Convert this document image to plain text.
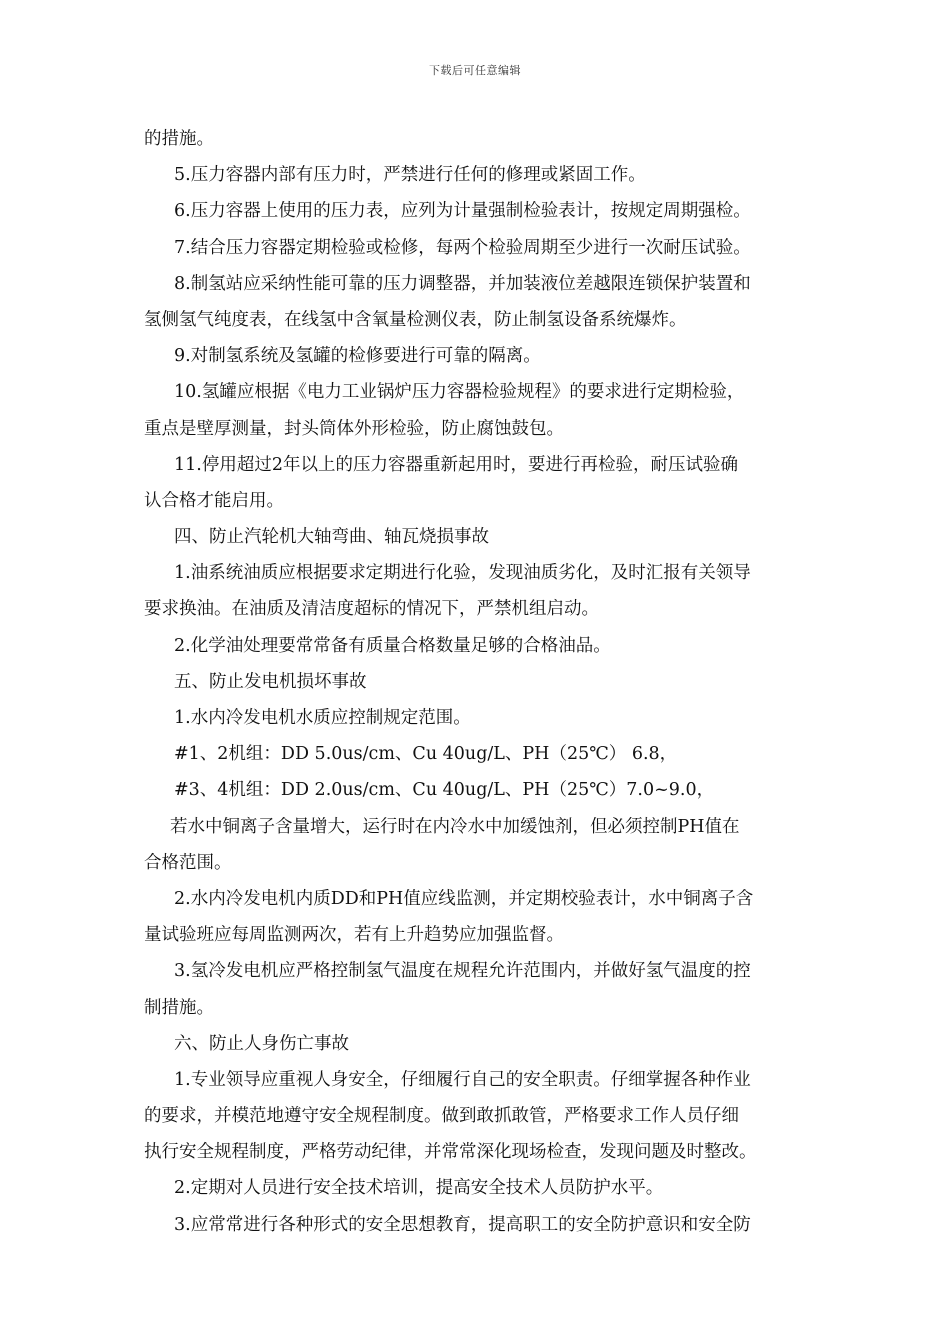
下载后可任意编辑
的措施。
5.压力容器内部有压力时，严禁进行任何的修理或紧固工作。
6.压力容器上使用的压力表，应列为计量强制检验表计，按规定周期强检。
7.结合压力容器定期检验或检修，每两个检验周期至少进行一次耐压试验。
8.制氢站应采纳性能可靠的压力调整器，并加装液位差越限连锁保护装置和
氢侧氢气纯度表，在线氢中含氧量检测仪表，防止制氢设备系统爆炸。
9.对制氢系统及氢罐的检修要进行可靠的隔离。
10.氢罐应根据《电力工业锅炉压力容器检验规程》的要求进行定期检验，
重点是壁厚测量，封头筒体外形检验，防止腐蚀鼓包。
11.停用超过2年以上的压力容器重新起用时，要进行再检验，耐压试验确
认合格才能启用。
四、防止汽轮机大轴弯曲、轴瓦烧损事故
1.油系统油质应根据要求定期进行化验，发现油质劣化，及时汇报有关领导
要求换油。在油质及清洁度超标的情况下，严禁机组启动。
2.化学油处理要常常备有质量合格数量足够的合格油品。
五、防止发电机损坏事故
1.水内冷发电机水质应控制规定范围。
#1、2机组：DD 5.0us/cm、Cu 40ug/L、PH（25℃） 6.8，
#3、4机组：DD 2.0us/cm、Cu 40ug/L、PH（25℃）7.0~9.0，
若水中铜离子含量增大，运行时在内冷水中加缓蚀剂，但必须控制PH值在
合格范围。
2.水内冷发电机内质DD和PH值应线监测，并定期校验表计，水中铜离子含
量试验班应每周监测两次，若有上升趋势应加强监督。
3.氢冷发电机应严格控制氢气温度在规程允许范围内，并做好氢气温度的控
制措施。
六、防止人身伤亡事故
1.专业领导应重视人身安全，仔细履行自己的安全职责。仔细掌握各种作业
的要求，并模范地遵守安全规程制度。做到敢抓敢管，严格要求工作人员仔细
执行安全规程制度，严格劳动纪律，并常常深化现场检查，发现问题及时整改。
2.定期对人员进行安全技术培训，提高安全技术人员防护水平。
3.应常常进行各种形式的安全思想教育，提高职工的安全防护意识和安全防
